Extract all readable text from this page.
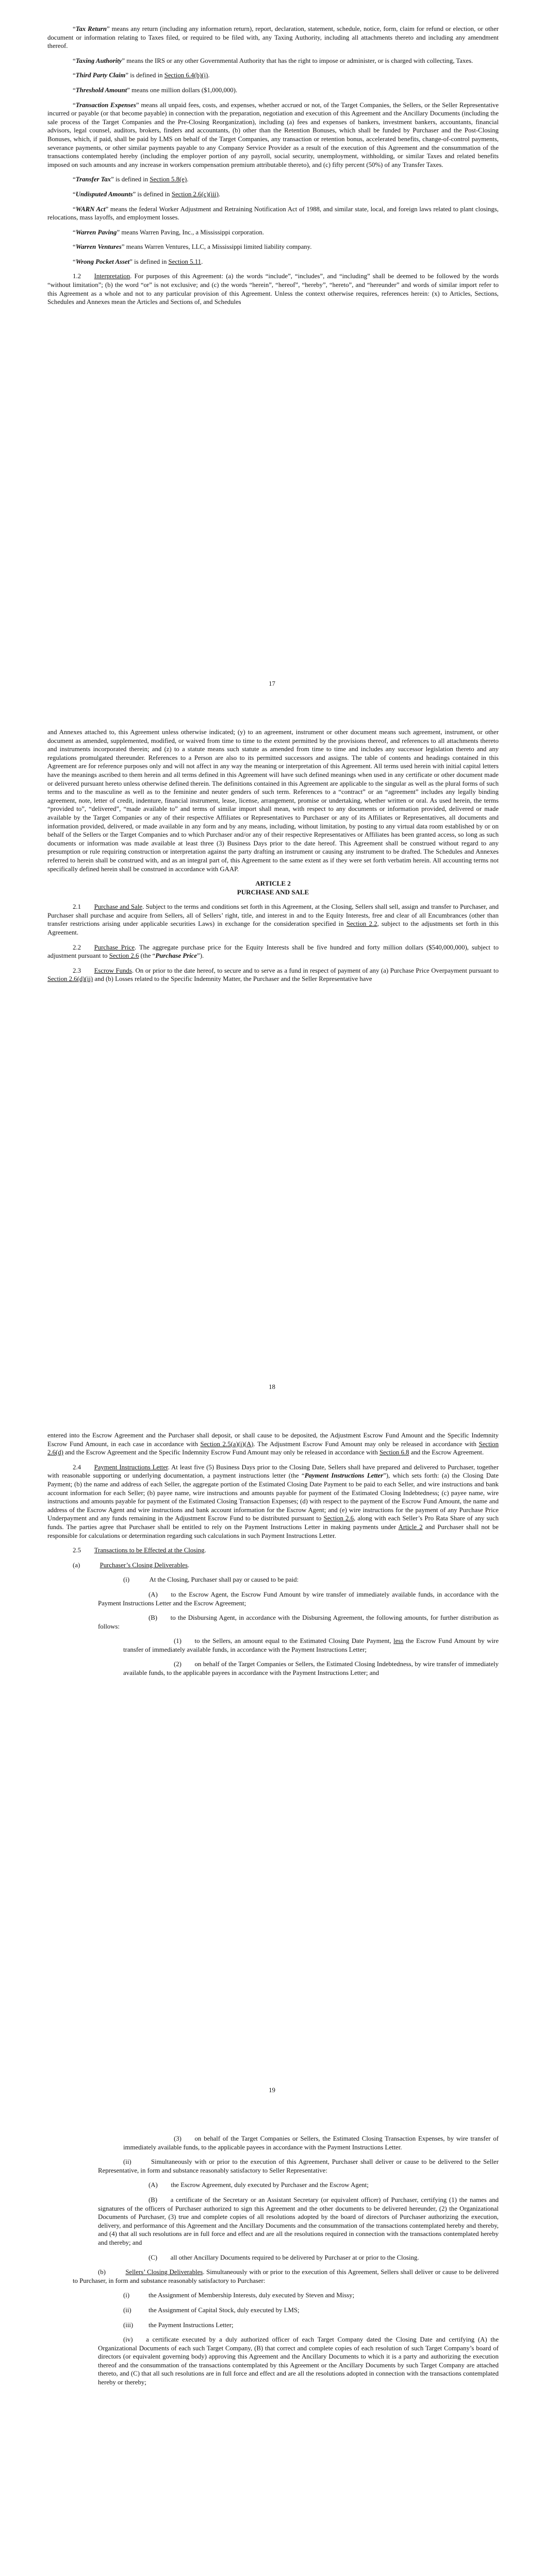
“Tax Return” means any return (including any information return), report, declaration, statement, schedule, notice, form, claim for refund or election, or other document or information relating to Taxes filed, or required to be filed with, any Taxing Authority, including all attachments thereto and including any amendment thereof.

“Taxing Authority” means the IRS or any other Governmental Authority that has the right to impose or administer, or is charged with collecting, Taxes.

“Third Party Claim” is defined in Section 6.4(b)(i).

“Threshold Amount” means one million dollars ($1,000,000).

“Transaction Expenses” means all unpaid fees, costs, and expenses, whether accrued or not, of the Target Companies, the Sellers, or the Seller Representative incurred or payable (or that become payable) in connection with the preparation, negotiation and execution of this Agreement and the Ancillary Documents (including the sale process of the Target Companies and the Pre-Closing Reorganization), including (a) fees and expenses of bankers, investment bankers, accountants, financial advisors, legal counsel, auditors, brokers, finders and accountants, (b) other than the Retention Bonuses, which shall be funded by Purchaser and the Post-Closing Bonuses, which, if paid, shall be paid by LMS on behalf of the Target Companies, any transaction or retention bonus, accelerated benefits, change-of-control payments, severance payments, or other similar payments payable to any Company Service Provider as a result of the execution of this Agreement and the consummation of the transactions contemplated hereby (including the employer portion of any payroll, social security, unemployment, withholding, or similar Taxes and related benefits imposed on such amounts and any increase in workers compensation premium attributable thereto), and (c) fifty percent (50%) of any Transfer Taxes.

“Transfer Tax” is defined in Section 5.8(e).

“Undisputed Amounts” is defined in Section 2.6(c)(iii).

“WARN Act” means the federal Worker Adjustment and Retraining Notification Act of 1988, and similar state, local, and foreign laws related to plant closings, relocations, mass layoffs, and employment losses.

“Warren Paving” means Warren Paving, Inc., a Mississippi corporation.

“Warren Ventures” means Warren Ventures, LLC, a Mississippi limited liability company.

“Wrong Pocket Asset” is defined in Section 5.11.

1.2  Interpretation. For purposes of this Agreement: (a) the words “include”, “includes”, and “including” shall be deemed to be followed by the words “without limitation”; (b) the word “or” is not exclusive; and (c) the words “herein”, “hereof”, “hereby”, “hereto”, and “hereunder” and words of similar import refer to this Agreement as a whole and not to any particular provision of this Agreement. Unless the context otherwise requires, references herein: (x) to Articles, Sections, Schedules and Annexes mean the Articles and Sections of, and Schedules

17

and Annexes attached to, this Agreement unless otherwise indicated; (y) to an agreement, instrument or other document means such agreement, instrument, or other document as amended, supplemented, modified, or waived from time to time to the extent permitted by the provisions thereof, and references to all attachments thereto and instruments incorporated therein; and (z) to a statute means such statute as amended from time to time and includes any successor legislation thereto and any regulations promulgated thereunder. References to a Person are also to its permitted successors and assigns. The table of contents and headings contained in this Agreement are for reference purposes only and will not affect in any way the meaning or interpretation of this Agreement. All terms used herein with initial capital letters have the meanings ascribed to them herein and all terms defined in this Agreement will have such defined meanings when used in any certificate or other document made or delivered pursuant hereto unless otherwise defined therein. The definitions contained in this Agreement are applicable to the singular as well as the plural forms of such terms and to the masculine as well as to the feminine and neuter genders of such term. References to a “contract” or an “agreement” includes any legally binding agreement, note, letter of credit, indenture, financial instrument, lease, license, arrangement, promise or undertaking, whether written or oral. As used herein, the terms “provided to”, “delivered”, “made available to” and terms of similar import shall mean, with respect to any documents or information provided, delivered or made available by the Target Companies or any of their respective Affiliates or Representatives to Purchaser or any of its Affiliates or Representatives, all documents and information provided, delivered, or made available in any form and by any means, including, without limitation, by posting to any virtual data room established by or on behalf of the Sellers or the Target Companies and to which Purchaser and/or any of their respective Representatives or Affiliates has been granted access, so long as such documents or information was made available at least three (3) Business Days prior to the date hereof. This Agreement shall be construed without regard to any presumption or rule requiring construction or interpretation against the party drafting an instrument or causing any instrument to be drafted. The Schedules and Annexes referred to herein shall be construed with, and as an integral part of, this Agreement to the same extent as if they were set forth verbatim herein. All accounting terms not specifically defined herein shall be construed in accordance with GAAP.

ARTICLE 2
PURCHASE AND SALE

2.1  Purchase and Sale. Subject to the terms and conditions set forth in this Agreement, at the Closing, Sellers shall sell, assign and transfer to Purchaser, and Purchaser shall purchase and acquire from Sellers, all of Sellers’ right, title, and interest in and to the Equity Interests, free and clear of all Encumbrances (other than transfer restrictions arising under applicable securities Laws) in exchange for the consideration specified in Section 2.2, subject to the adjustments set forth in this Agreement.

2.2  Purchase Price. The aggregate purchase price for the Equity Interests shall be five hundred and forty million dollars ($540,000,000), subject to adjustment pursuant to Section 2.6 (the “Purchase Price”).

2.3  Escrow Funds. On or prior to the date hereof, to secure and to serve as a fund in respect of payment of any (a) Purchase Price Overpayment pursuant to Section 2.6(d)(ii) and (b) Losses related to the Specific Indemnity Matter, the Purchaser and the Seller Representative have

18

entered into the Escrow Agreement and the Purchaser shall deposit, or shall cause to be deposited, the Adjustment Escrow Fund Amount and the Specific Indemnity Escrow Fund Amount, in each case in accordance with Section 2.5(a)(i)(A). The Adjustment Escrow Fund Amount may only be released in accordance with Section 2.6(d) and the Escrow Agreement and the Specific Indemnity Escrow Fund Amount may only be released in accordance with Section 6.8 and the Escrow Agreement.

2.4  Payment Instructions Letter. At least five (5) Business Days prior to the Closing Date, Sellers shall have prepared and delivered to Purchaser, together with reasonable supporting or underlying documentation, a payment instructions letter (the “Payment Instructions Letter”), which sets forth: (a) the Closing Date Payment; (b) the name and address of each Seller, the aggregate portion of the Estimated Closing Date Payment to be paid to each Seller, and wire instructions and bank account information for each Seller; (b) payee name, wire instructions and amounts payable for payment of the Estimated Closing Indebtedness; (c) payee name, wire instructions and amounts payable for payment of the Estimated Closing Transaction Expenses; (d) with respect to the payment of the Escrow Fund Amount, the name and address of the Escrow Agent and wire instructions and bank account information for the Escrow Agent; and (e) wire instructions for the payment of any Purchase Price Underpayment and any funds remaining in the Adjustment Escrow Fund to be distributed pursuant to Section 2.6, along with each Seller’s Pro Rata Share of any such funds. The parties agree that Purchaser shall be entitled to rely on the Payment Instructions Letter in making payments under Article 2 and Purchaser shall not be responsible for calculations or determination regarding such calculations in such Payment Instructions Letter.

2.5  Transactions to be Effected at the Closing.

(a)   Purchaser’s Closing Deliverables.

(i)   At the Closing, Purchaser shall pay or caused to be paid:

(A)  to the Escrow Agent, the Escrow Fund Amount by wire transfer of immediately available funds, in accordance with the Payment Instructions Letter and the Escrow Agreement;

(B)  to the Disbursing Agent, in accordance with the Disbursing Agreement, the following amounts, for further distribution as follows:

(1)  to the Sellers, an amount equal to the Estimated Closing Date Payment, less the Escrow Fund Amount by wire transfer of immediately available funds, in accordance with the Payment Instructions Letter;

(2)  on behalf of the Target Companies or Sellers, the Estimated Closing Indebtedness, by wire transfer of immediately available funds, to the applicable payees in accordance with the Payment Instructions Letter; and

19

(3)  on behalf of the Target Companies or Sellers, the Estimated Closing Transaction Expenses, by wire transfer of immediately available funds, to the applicable payees in accordance with the Payment Instructions Letter.

(ii)   Simultaneously with or prior to the execution of this Agreement, Purchaser shall deliver or cause to be delivered to the Seller Representative, in form and substance reasonably satisfactory to Seller Representative:

(A)  the Escrow Agreement, duly executed by Purchaser and the Escrow Agent;

(B)  a certificate of the Secretary or an Assistant Secretary (or equivalent officer) of Purchaser, certifying (1) the names and signatures of the officers of Purchaser authorized to sign this Agreement and the other documents to be delivered hereunder, (2) the Organizational Documents of Purchaser, (3) true and complete copies of all resolutions adopted by the board of directors of Purchaser authorizing the execution, delivery, and performance of this Agreement and the Ancillary Documents and the consummation of the transactions contemplated hereby and thereby, and (4) that all such resolutions are in full force and effect and are all the resolutions required in connection with the transactions contemplated hereby and thereby; and

(C)  all other Ancillary Documents required to be delivered by Purchaser at or prior to the Closing.

(b)   Sellers’ Closing Deliverables. Simultaneously with or prior to the execution of this Agreement, Sellers shall deliver or cause to be delivered to Purchaser, in form and substance reasonably satisfactory to Purchaser:

(i)	the Assignment of Membership Interests, duly executed by Steven and Missy;

(ii)	the Assignment of Capital Stock, duly executed by LMS;

(iii) the Payment Instructions Letter;

(iv)  a certificate executed by a duly authorized officer of each Target Company dated the Closing Date and certifying (A) the Organizational Documents of each such Target Company, (B) that correct and complete copies of each resolution of such Target Company’s board of directors (or equivalent governing body) approving this Agreement and the Ancillary Documents to which it is a party and authorizing the execution thereof and the consummation of the transactions contemplated by this Agreement or the Ancillary Documents by such Target Company are attached thereto, and (C) that all such resolutions are in full force and effect and are all the resolutions adopted in connection with the transactions contemplated hereby or thereby;
